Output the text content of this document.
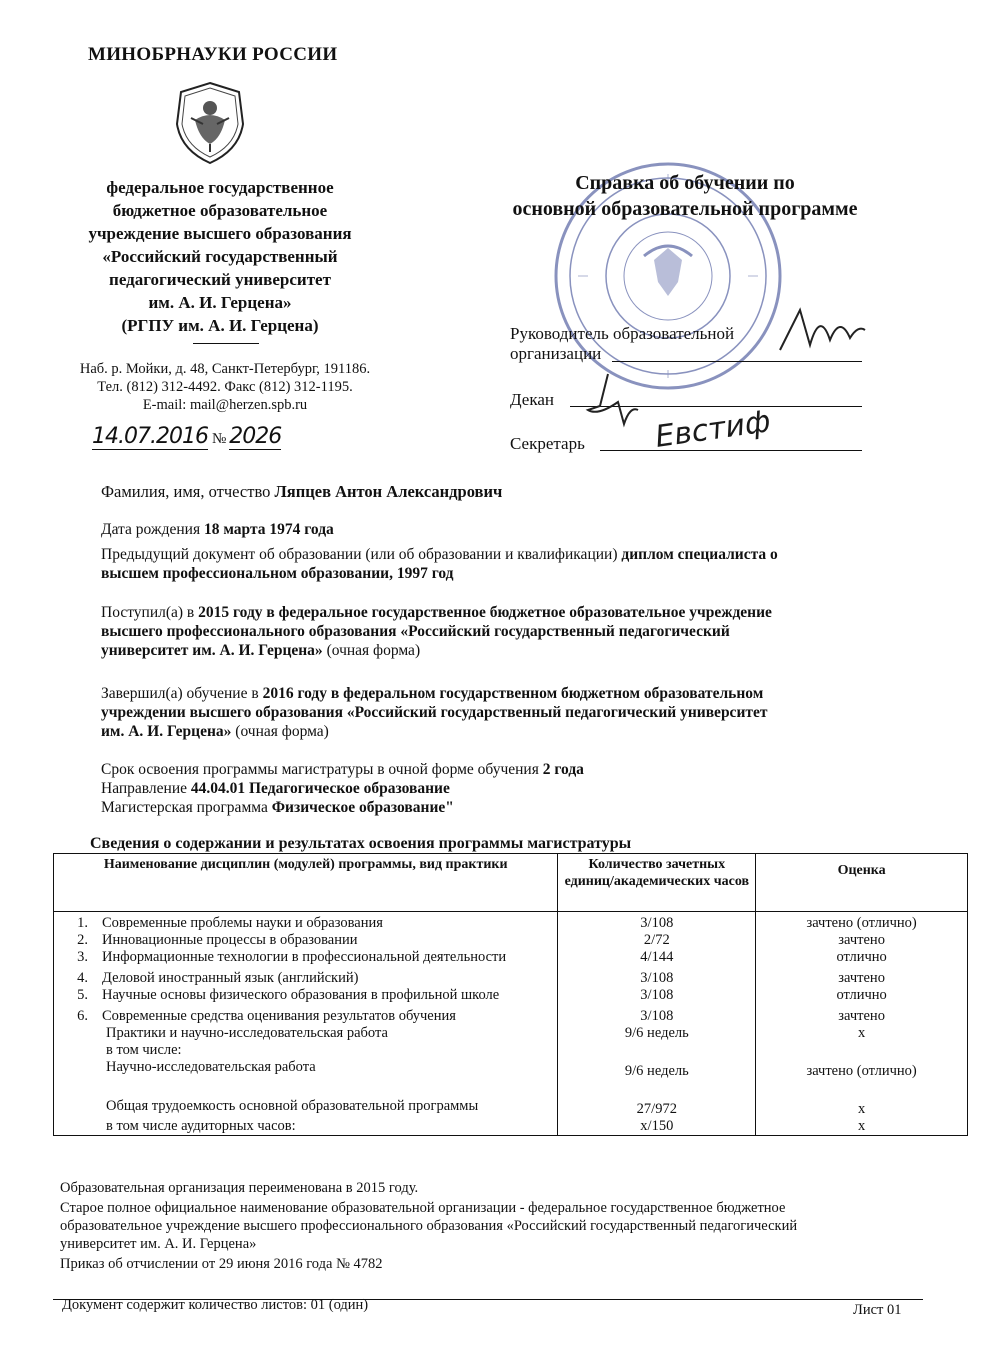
МИНОБРНАУКИ РОССИИ
федеральное государственное
бюджетное образовательное
учреждение высшего образования
«Российский государственный
педагогический университет
им. А. И. Герцена»
(РГПУ им. А. И. Герцена)
Наб. р. Мойки, д. 48, Санкт-Петербург, 191186.
Тел. (812) 312-4492. Факс (812) 312-1195.
E-mail: mail@herzen.spb.ru
14.07.2016 № 2026
Справка об обучении по
основной образовательной программе
Руководитель образовательной
организации
Декан
Секретарь Евстиф
Фамилия, имя, отчество Ляпцев Антон Александрович
Дата рождения 18 марта 1974 года
Предыдущий документ об образовании (или об образовании и квалификации) диплом специалиста о
высшем профессиональном образовании, 1997 год
Поступил(а) в 2015 году в федеральное государственное бюджетное образовательное учреждение
высшего профессионального образования «Российский государственный педагогический
университет им. А. И. Герцена» (очная форма)
Завершил(а) обучение в 2016 году в федеральном государственном бюджетном образовательном
учреждении высшего образования «Российский государственный педагогический университет
им. А. И. Герцена» (очная форма)
Срок освоения программы магистратуры в очной форме обучения 2 года
Направление 44.04.01 Педагогическое образование
Магистерская программа Физическое образование"
Сведения о содержании и результатах освоения программы магистратуры
Наименование дисциплин (модулей) программы, вид практики	Количество зачетных единиц/академических часов	Оценка

1. Современные проблемы науки и образования	3/108	зачтено (отлично)

2. Инновационные процессы в образовании	2/72	зачтено

3. Информационные технологии в профессиональной деятельности	4/144	отлично

4. Деловой иностранный язык (английский)	3/108	зачтено

5. Научные основы физического образования в профильной школе	3/108	отлично

6. Современные средства оценивания результатов обучения	3/108	зачтено

Практики и научно-исследовательская работа
в том числе:	9/6 недель	х

Научно-исследовательская работа	9/6 недель	зачтено (отлично)

Общая трудоемкость основной образовательной программы	27/972	х

в том числе аудиторных часов:	х/150	х
Образовательная организация переименована в 2015 году.
Старое полное официальное наименование образовательной организации - федеральное государственное бюджетное
образовательное учреждение высшего профессионального образования «Российский государственный педагогический
университет им. А. И. Герцена»
Приказ об отчислении от 29 июня 2016 года № 4782
Документ содержит количество листов: 01 (один)	Лист 01
